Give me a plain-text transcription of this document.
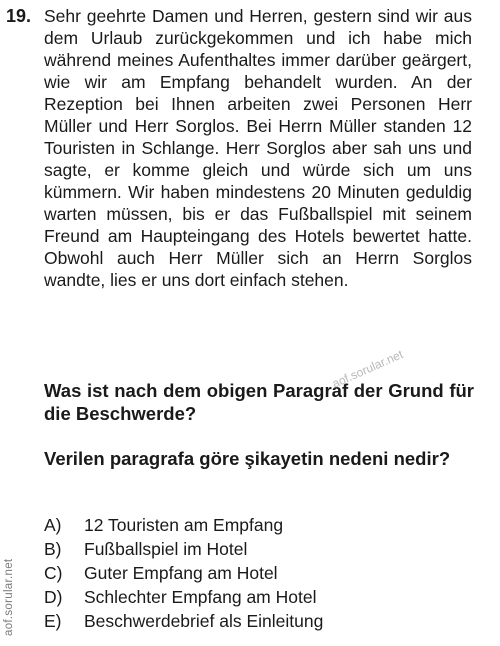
19. Sehr geehrte Damen und Herren, gestern sind wir aus dem Urlaub zurückgekommen und ich habe mich während meines Aufenthaltes immer darüber geärgert, wie wir am Empfang behandelt wurden. An der Rezeption bei Ihnen arbeiten zwei Personen Herr Müller und Herr Sorglos. Bei Herrn Müller standen 12 Touristen in Schlange. Herr Sorglos aber sah uns und sagte, er komme gleich und würde sich um uns kümmern. Wir haben mindestens 20 Minuten geduldig warten müssen, bis er das Fußballspiel mit seinem Freund am Haupteingang des Hotels bewertet hatte. Obwohl auch Herr Müller sich an Herrn Sorglos wandte, lies er uns dort einfach stehen.

Was ist nach dem obigen Paragraf der Grund für die Beschwerde?

Verilen paragrafa göre şikayetin nedeni nedir?

A)	12 Touristen am Empfang
B)	Fußballspiel im Hotel
C)	Guter Empfang am Hotel
D)	Schlechter Empfang am Hotel
E)	Beschwerdebrief als Einleitung
aof.sorular.net
aof.sorular.net
